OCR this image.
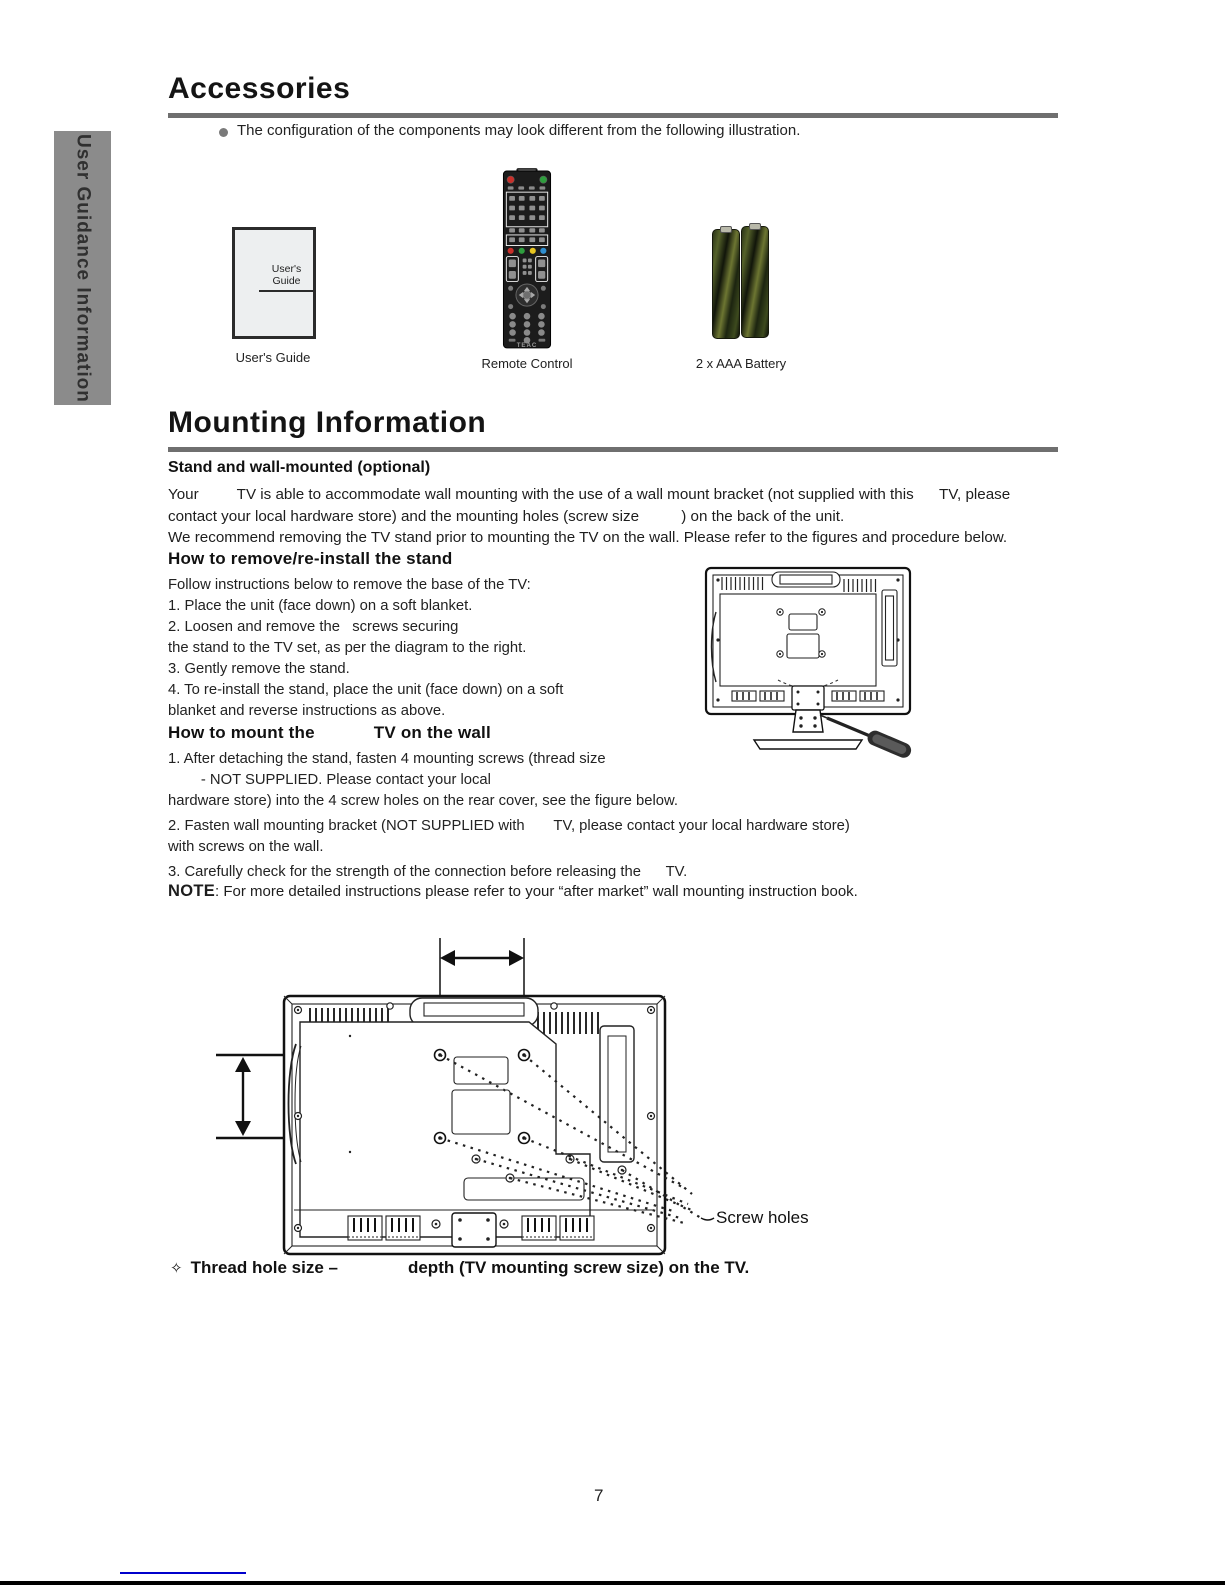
User Guidance Information
Accessories
The configuration of the components may look different from the following illustration.
User's Guide
User's Guide
TEAC
Remote Control	2 x AAA Battery
Mounting Information
Stand and wall-mounted (optional)
Your         TV is able to accommodate wall mounting with the use of a wall mount bracket (not supplied with this      TV, please
contact your local hardware store) and the mounting holes (screw size          ) on the back of the unit.
We recommend removing the TV stand prior to mounting the TV on the wall. Please refer to the figures and procedure below.
How to remove/re-install the stand
Follow instructions below to remove the base of the TV:
1. Place the unit (face down) on a soft blanket.
2. Loosen and remove the   screws securing
the stand to the TV set, as per the diagram to the right.
3. Gently remove the stand.
4. To re-install the stand, place the unit (face down) on a soft
blanket and reverse instructions as above.
How to mount the            TV on the wall
1. After detaching the stand, fasten 4 mounting screws (thread size
- NOT SUPPLIED. Please contact your local
hardware store) into the 4 screw holes on the rear cover, see the figure below.
2. Fasten wall mounting bracket (NOT SUPPLIED with       TV, please contact your local hardware store)
with screws on the wall.
3. Carefully check for the strength of the connection before releasing the      TV.
NOTE: For more detailed instructions please refer to your “after market” wall mounting instruction book.
Screw holes
✧ Thread hole size –	depth (TV mounting screw size) on the TV.
7
